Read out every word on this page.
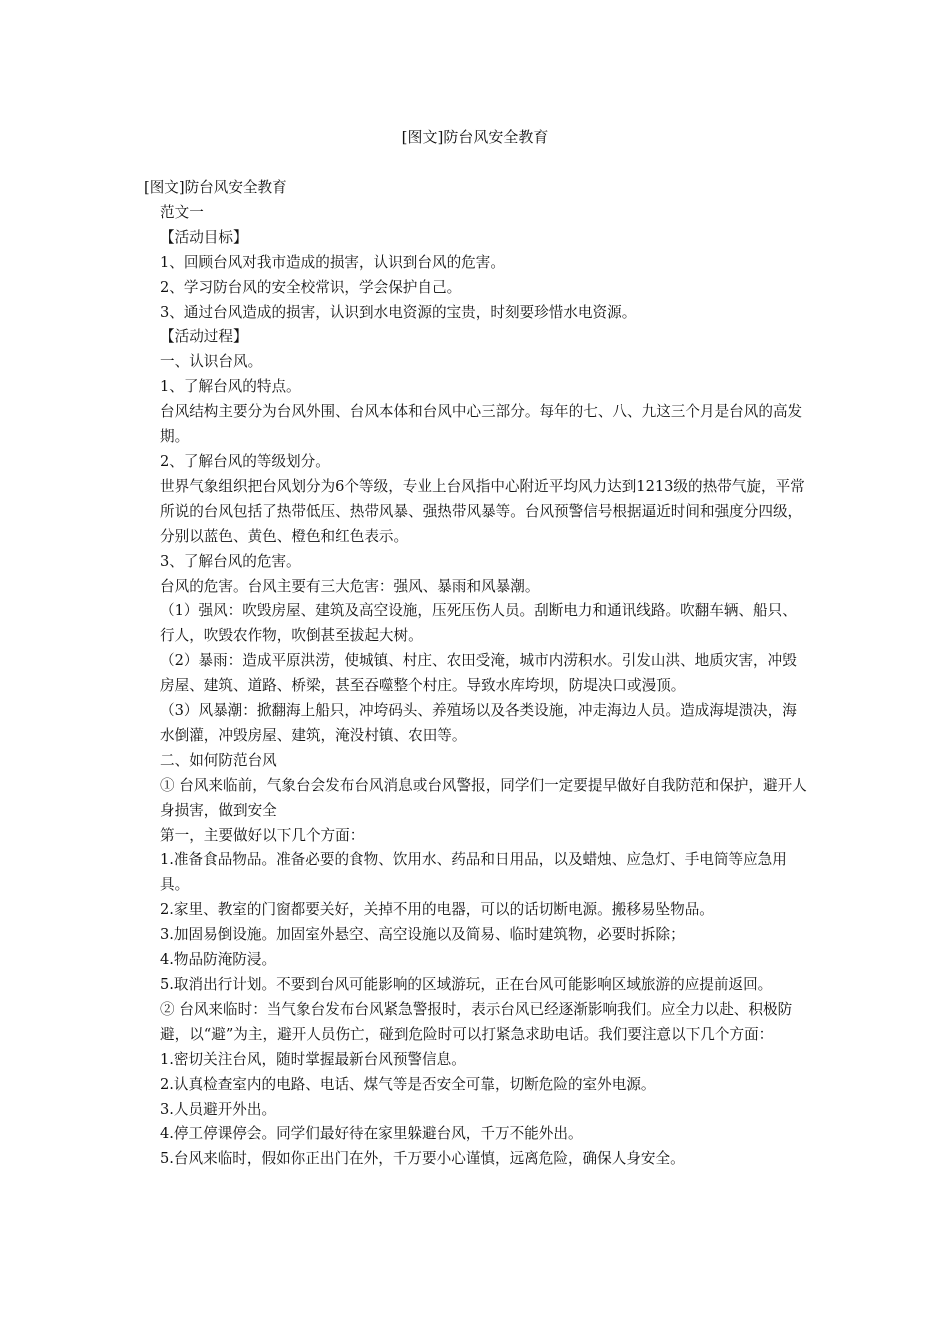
[图文]防台风安全教育
[图文]防台风安全教育
范文一
【活动目标】
1、回顾台风对我市造成的损害，认识到台风的危害。
2、学习防台风的安全校常识，学会保护自己。
3、通过台风造成的损害，认识到水电资源的宝贵，时刻要珍惜水电资源。
【活动过程】
一、认识台风。
1、了解台风的特点。
台风结构主要分为台风外围、台风本体和台风中心三部分。每年的七、八、九这三个月是台风的高发期。
2、了解台风的等级划分。
世界气象组织把台风划分为6个等级，专业上台风指中心附近平均风力达到1213级的热带气旋，平常所说的台风包括了热带低压、热带风暴、强热带风暴等。台风预警信号根据逼近时间和强度分四级，分别以蓝色、黄色、橙色和红色表示。
3、了解台风的危害。
台风的危害。台风主要有三大危害：强风、暴雨和风暴潮。
（1）强风：吹毁房屋、建筑及高空设施，压死压伤人员。刮断电力和通讯线路。吹翻车辆、船只、行人，吹毁农作物，吹倒甚至拔起大树。
（2）暴雨：造成平原洪涝，使城镇、村庄、农田受淹，城市内涝积水。引发山洪、地质灾害，冲毁房屋、建筑、道路、桥梁，甚至吞噬整个村庄。导致水库垮坝，防堤决口或漫顶。
（3）风暴潮：掀翻海上船只，冲垮码头、养殖场以及各类设施，冲走海边人员。造成海堤溃决，海水倒灌，冲毁房屋、建筑，淹没村镇、农田等。
二、如何防范台风
① 台风来临前，气象台会发布台风消息或台风警报，同学们一定要提早做好自我防范和保护，避开人身损害，做到安全
第一，主要做好以下几个方面：
1.准备食品物品。准备必要的食物、饮用水、药品和日用品，以及蜡烛、应急灯、手电筒等应急用具。
2.家里、教室的门窗都要关好，关掉不用的电器，可以的话切断电源。搬移易坠物品。
3.加固易倒设施。加固室外悬空、高空设施以及简易、临时建筑物，必要时拆除；
4.物品防淹防浸。
5.取消出行计划。不要到台风可能影响的区域游玩，正在台风可能影响区域旅游的应提前返回。
② 台风来临时：当气象台发布台风紧急警报时，表示台风已经逐渐影响我们。应全力以赴、积极防避，以“避”为主，避开人员伤亡，碰到危险时可以打紧急求助电话。我们要注意以下几个方面：
1.密切关注台风，随时掌握最新台风预警信息。
2.认真检查室内的电路、电话、煤气等是否安全可靠，切断危险的室外电源。
3.人员避开外出。
4.停工停课停会。同学们最好待在家里躲避台风，千万不能外出。
5.台风来临时，假如你正出门在外，千万要小心谨慎，远离危险，确保人身安全。
